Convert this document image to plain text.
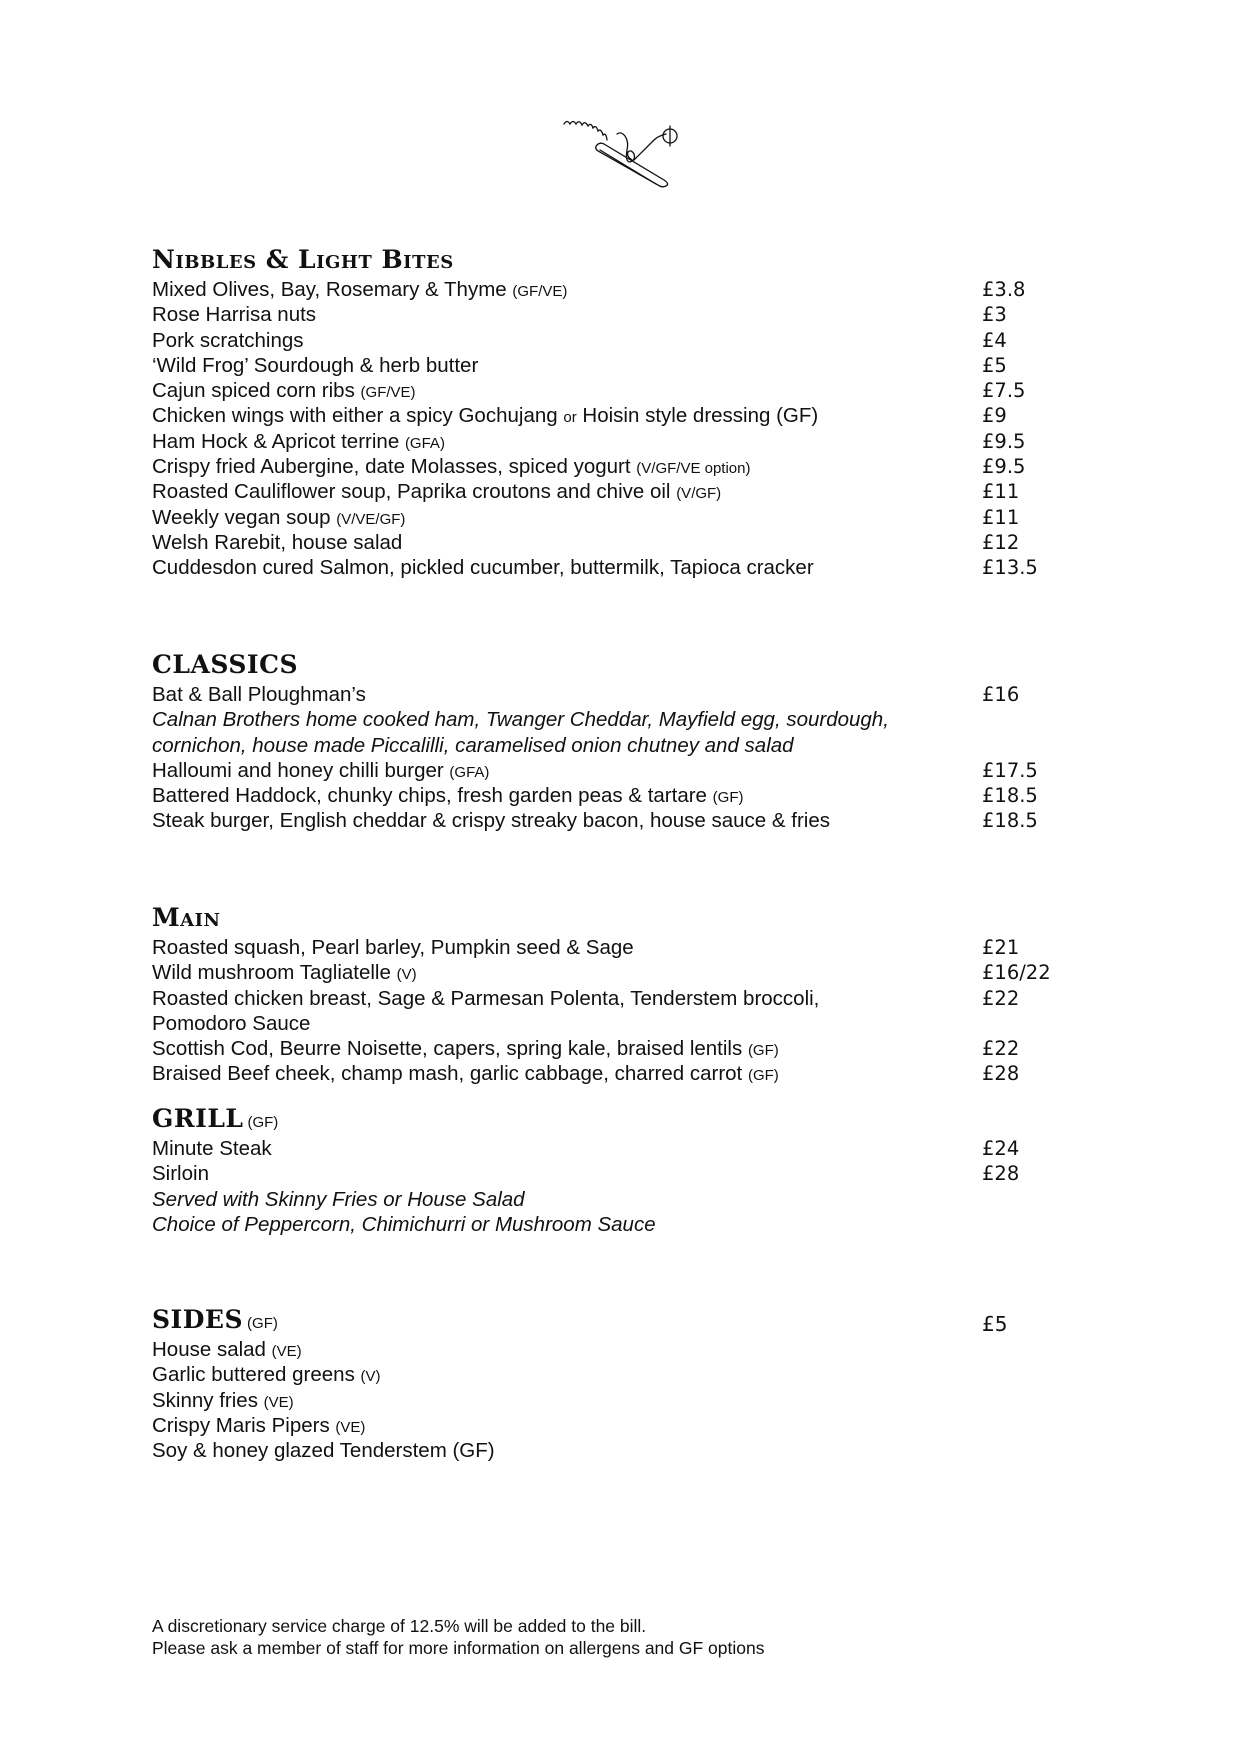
Nibbles & Light Bites
Mixed Olives, Bay, Rosemary & Thyme (GF/VE)	£3.8
Rose Harrisa nuts	£3
Pork scratchings	£4
‘Wild Frog’ Sourdough & herb butter	£5
Cajun spiced corn ribs (GF/VE)	£7.5
Chicken wings with either a spicy Gochujang or Hoisin style dressing (GF)	£9
Ham Hock & Apricot terrine (GFA)	£9.5
Crispy fried Aubergine, date Molasses, spiced yogurt (V/GF/VE option)	£9.5
Roasted Cauliflower soup, Paprika croutons and chive oil (V/GF)	£11
Weekly vegan soup (V/VE/GF)	£11
Welsh Rarebit, house salad	£12
Cuddesdon cured Salmon, pickled cucumber, buttermilk, Tapioca cracker	£13.5
CLASSICS
Bat & Ball Ploughman’s	£16
Calnan Brothers home cooked ham, Twanger Cheddar, Mayfield egg, sourdough,
cornichon, house made Piccalilli, caramelised onion chutney and salad
Halloumi and honey chilli burger (GFA)	£17.5
Battered Haddock, chunky chips, fresh garden peas & tartare (GF)	£18.5
Steak burger, English cheddar & crispy streaky bacon, house sauce & fries	£18.5
Main
Roasted squash, Pearl barley, Pumpkin seed & Sage	£21
Wild mushroom Tagliatelle (V)	£16/22
Roasted chicken breast, Sage & Parmesan Polenta, Tenderstem broccoli,	£22
Pomodoro Sauce
Scottish Cod, Beurre Noisette, capers, spring kale, braised lentils (GF)	£22
Braised Beef cheek, champ mash, garlic cabbage, charred carrot (GF)	£28
GRILL (GF)
Minute Steak	£24
Sirloin	£28
Served with Skinny Fries or House Salad
Choice of Peppercorn, Chimichurri or Mushroom Sauce
SIDES (GF)	£5
House salad (VE)
Garlic buttered greens (V)
Skinny fries (VE)
Crispy Maris Pipers (VE)
Soy & honey glazed Tenderstem (GF)
A discretionary service charge of 12.5% will be added to the bill.
Please ask a member of staff for more information on allergens and GF options
